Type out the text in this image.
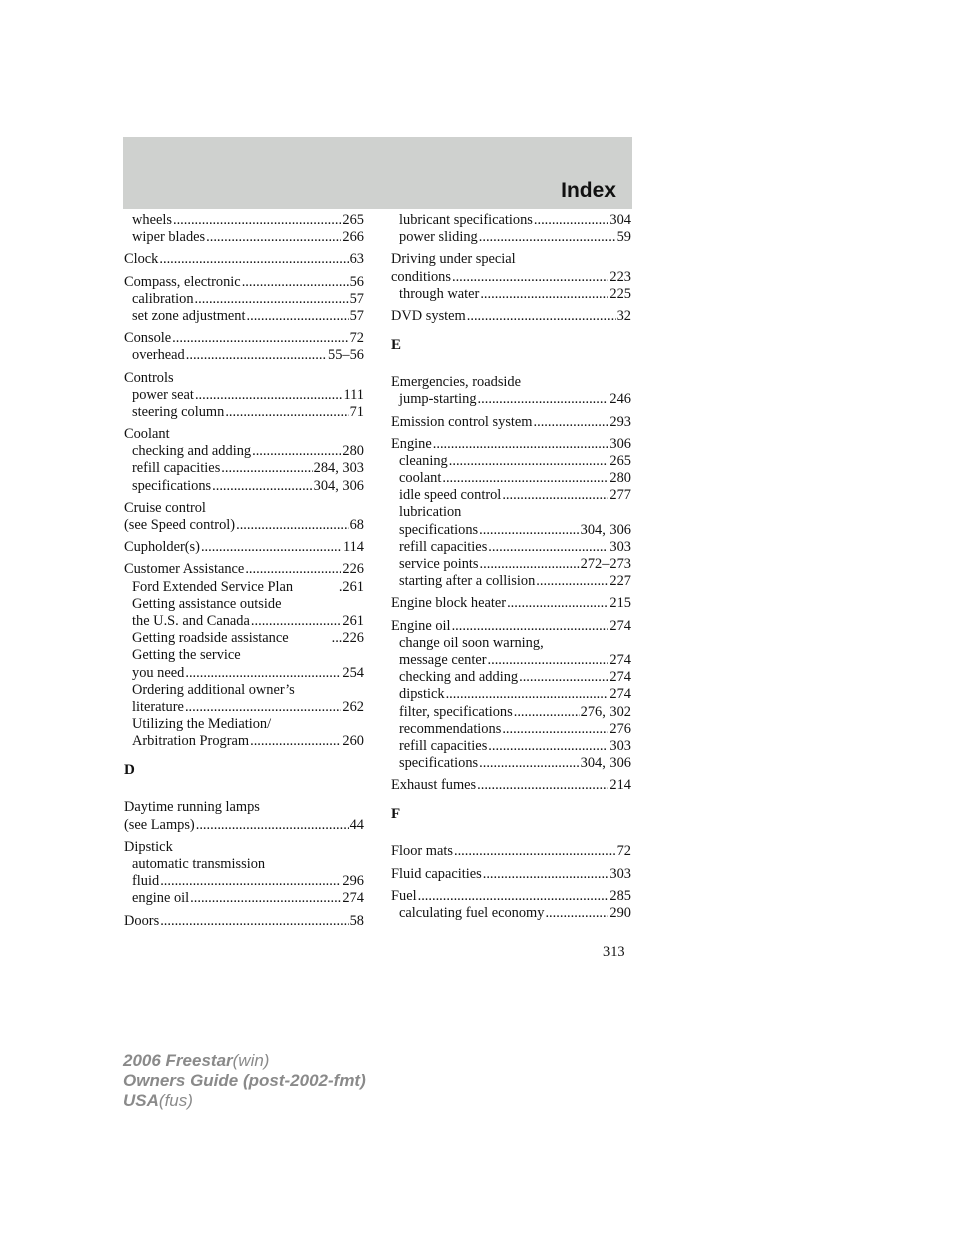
Index
wheels .....	265
wiper blades .....	266
Clock .....	63
Compass, electronic .....	56
calibration .....	57
set zone adjustment .....	57
Console .....	72
overhead .....	55–56
Controls
power seat .....	111
steering column .....	71
Coolant
checking and adding .....	280
refill capacities .....	284, 303
specifications .....	304, 306
Cruise control
(see Speed control) .....	68
Cupholder(s) .....	114
Customer Assistance .....	226
Ford Extended Service Plan	.261
Getting assistance outside
the U.S. and Canada .....	261
Getting roadside assistance	...226
Getting the service
you need .....	254
Ordering additional owner’s
literature .....	262
Utilizing the Mediation/
Arbitration Program .....	260
D
Daytime running lamps
(see Lamps) .....	44
Dipstick
automatic transmission
fluid .....	296
engine oil .....	274
Doors .....	58
lubricant specifications .....	304
power sliding .....	59
Driving under special
conditions .....	223
through water .....	225
DVD system .....	32
E
Emergencies, roadside
jump-starting .....	246
Emission control system .....	293
Engine .....	306
cleaning .....	265
coolant .....	280
idle speed control .....	277
lubrication
specifications .....	304, 306
refill capacities .....	303
service points .....	272–273
starting after a collision .....	227
Engine block heater .....	215
Engine oil .....	274
change oil soon warning,
message center .....	274
checking and adding .....	274
dipstick .....	274
filter, specifications .....	276, 302
recommendations .....	276
refill capacities .....	303
specifications .....	304, 306
Exhaust fumes .....	214
F
Floor mats .....	72
Fluid capacities .....	303
Fuel .....	285
calculating fuel economy .....	290
313
2006 Freestar(win)
Owners Guide (post-2002-fmt)
USA(fus)
